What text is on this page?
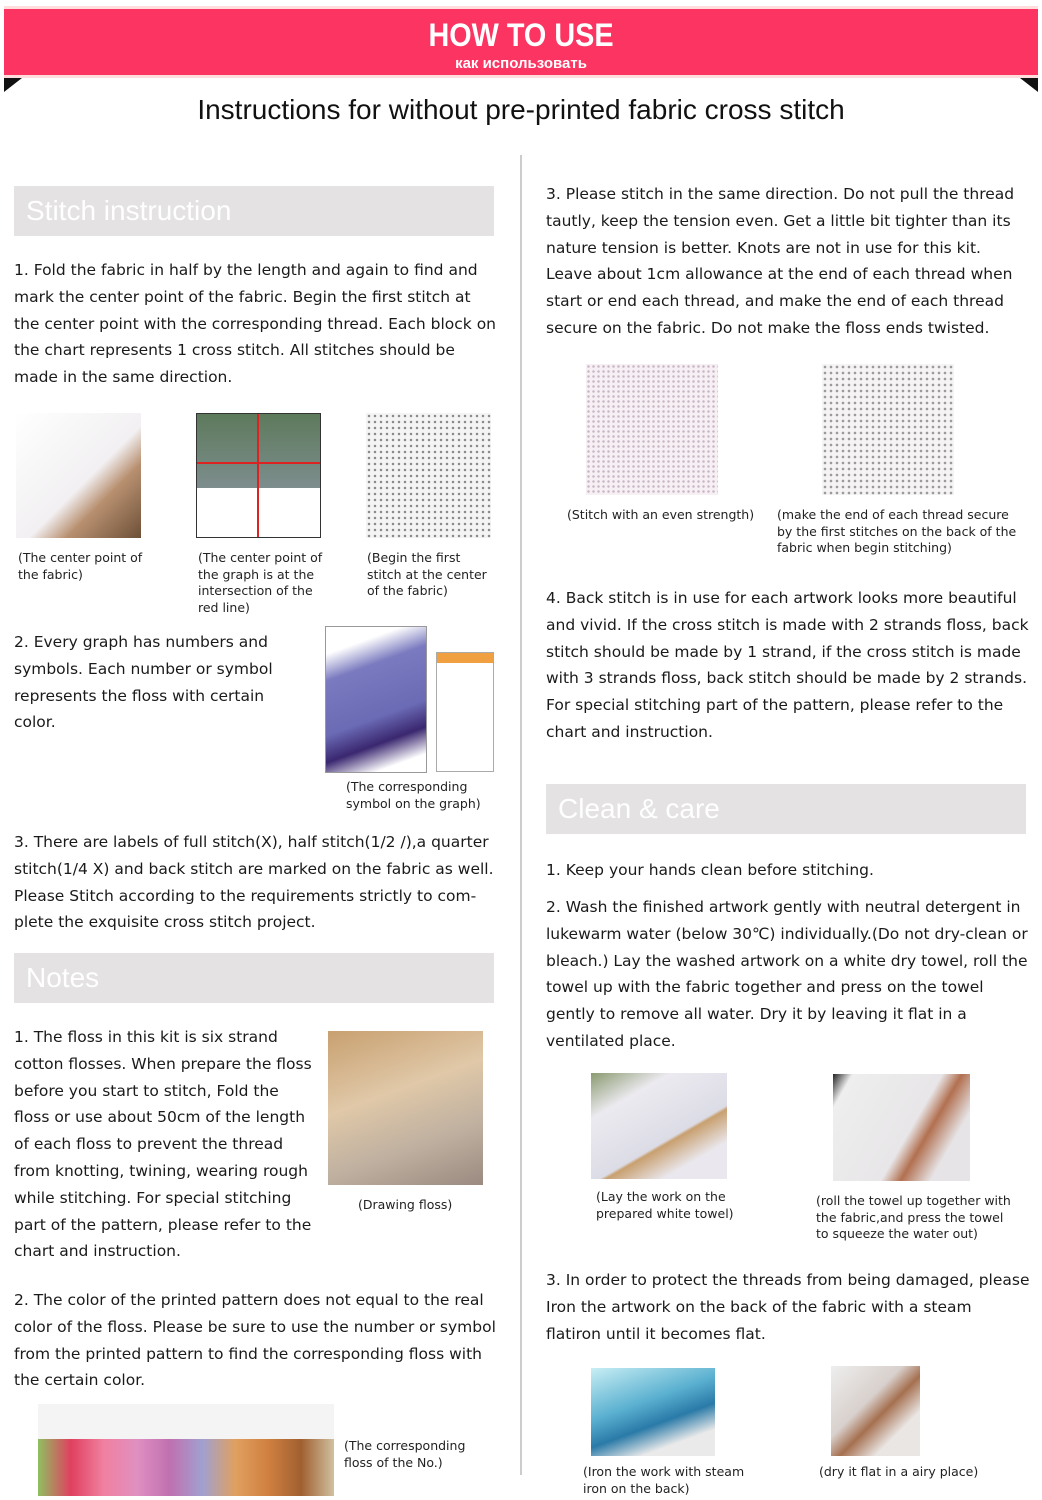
HOW TO USE
как использовать
Instructions for without pre-printed fabric cross stitch
Stitch instruction
1. Fold the fabric in half by the length and again to find and mark the center point of the fabric. Begin the first stitch at the center point with the corresponding thread. Each block on the chart represents 1 cross stitch. All stitches should be made in the same direction.
(The center point of the fabric)
(The center point of the graph is at the intersection of the red line)
(Begin the first stitch at the center of the fabric)
2. Every graph has numbers and symbols. Each number or symbol represents the floss with certain color.
(The corresponding symbol on the graph)
3. There are labels of full stitch(X), half stitch(1/2 /),a quarter stitch(1/4 X) and back stitch are marked on the fabric as well. Please Stitch according to the requirements strictly to com-plete the exquisite cross stitch project.
Notes
1. The floss in this kit is six strand cotton flosses. When prepare the floss before you start to stitch, Fold the floss or use about 50cm of the length of each floss to prevent the thread from knotting, twining, wearing rough while stitching. For special stitching part of the pattern, please refer to the chart and instruction.
(Drawing floss)
2. The color of the printed pattern does not equal to the real color of the floss. Please be sure to use the number or symbol from the printed pattern to find the corresponding floss with the certain color.
(The corresponding floss of the No.)
3. Please stitch in the same direction. Do not pull the thread tautly, keep the tension even. Get a little bit tighter than its nature tension is better. Knots are not in use for this kit. Leave about 1cm allowance at the end of each thread when start or end each thread, and make the end of each thread secure on the fabric. Do not make the floss ends twisted.
(Stitch with an even strength) (make the end of each thread secure by the first stitches on the back of the fabric when begin stitching)
4. Back stitch is in use for each artwork looks more beautiful and vivid. If the cross stitch is made with 2 strands floss, back stitch should be made by 1 strand, if the cross stitch is made with 3 strands floss, back stitch should be made by 2 strands. For special stitching part of the pattern, please refer to the chart and instruction.
Clean & care
1. Keep your hands clean before stitching.
2. Wash the finished artwork gently with neutral detergent in lukewarm water (below 30℃) individually.(Do not dry-clean or bleach.) Lay the washed artwork on a white dry towel, roll the towel up with the fabric together and press on the towel gently to remove all water. Dry it by leaving it flat in a ventilated place.
(Lay the work on the prepared white towel)
(roll the towel up together with the fabric,and press the towel to squeeze the water out)
3. In order to protect the threads from being damaged, please Iron the artwork on the back of the fabric with a steam flatiron until it becomes flat.
(Iron the work with steam iron on the back)
(dry it flat in a airy place)
